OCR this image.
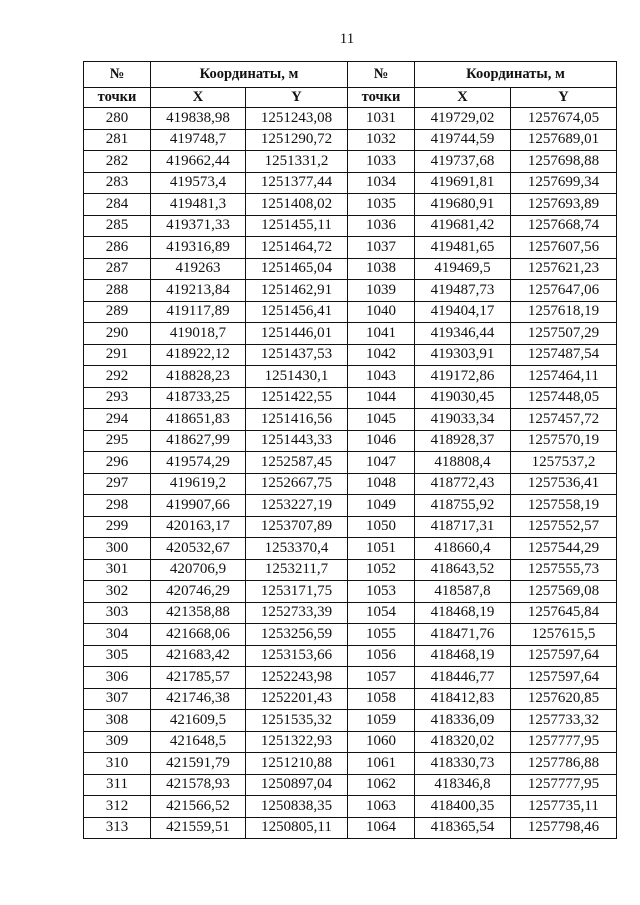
11
№	Координаты, м		№	Координаты, м	
точки	X	Y	точки	X	Y
280	419838,98	1251243,08	1031	419729,02	1257674,05
281	419748,7	1251290,72	1032	419744,59	1257689,01
282	419662,44	1251331,2	1033	419737,68	1257698,88
283	419573,4	1251377,44	1034	419691,81	1257699,34
284	419481,3	1251408,02	1035	419680,91	1257693,89
285	419371,33	1251455,11	1036	419681,42	1257668,74
286	419316,89	1251464,72	1037	419481,65	1257607,56
287	419263	1251465,04	1038	419469,5	1257621,23
288	419213,84	1251462,91	1039	419487,73	1257647,06
289	419117,89	1251456,41	1040	419404,17	1257618,19
290	419018,7	1251446,01	1041	419346,44	1257507,29
291	418922,12	1251437,53	1042	419303,91	1257487,54
292	418828,23	1251430,1	1043	419172,86	1257464,11
293	418733,25	1251422,55	1044	419030,45	1257448,05
294	418651,83	1251416,56	1045	419033,34	1257457,72
295	418627,99	1251443,33	1046	418928,37	1257570,19
296	419574,29	1252587,45	1047	418808,4	1257537,2
297	419619,2	1252667,75	1048	418772,43	1257536,41
298	419907,66	1253227,19	1049	418755,92	1257558,19
299	420163,17	1253707,89	1050	418717,31	1257552,57
300	420532,67	1253370,4	1051	418660,4	1257544,29
301	420706,9	1253211,7	1052	418643,52	1257555,73
302	420746,29	1253171,75	1053	418587,8	1257569,08
303	421358,88	1252733,39	1054	418468,19	1257645,84
304	421668,06	1253256,59	1055	418471,76	1257615,5
305	421683,42	1253153,66	1056	418468,19	1257597,64
306	421785,57	1252243,98	1057	418446,77	1257597,64
307	421746,38	1252201,43	1058	418412,83	1257620,85
308	421609,5	1251535,32	1059	418336,09	1257733,32
309	421648,5	1251322,93	1060	418320,02	1257777,95
310	421591,79	1251210,88	1061	418330,73	1257786,88
311	421578,93	1250897,04	1062	418346,8	1257777,95
312	421566,52	1250838,35	1063	418400,35	1257735,11
313	421559,51	1250805,11	1064	418365,54	1257798,46
